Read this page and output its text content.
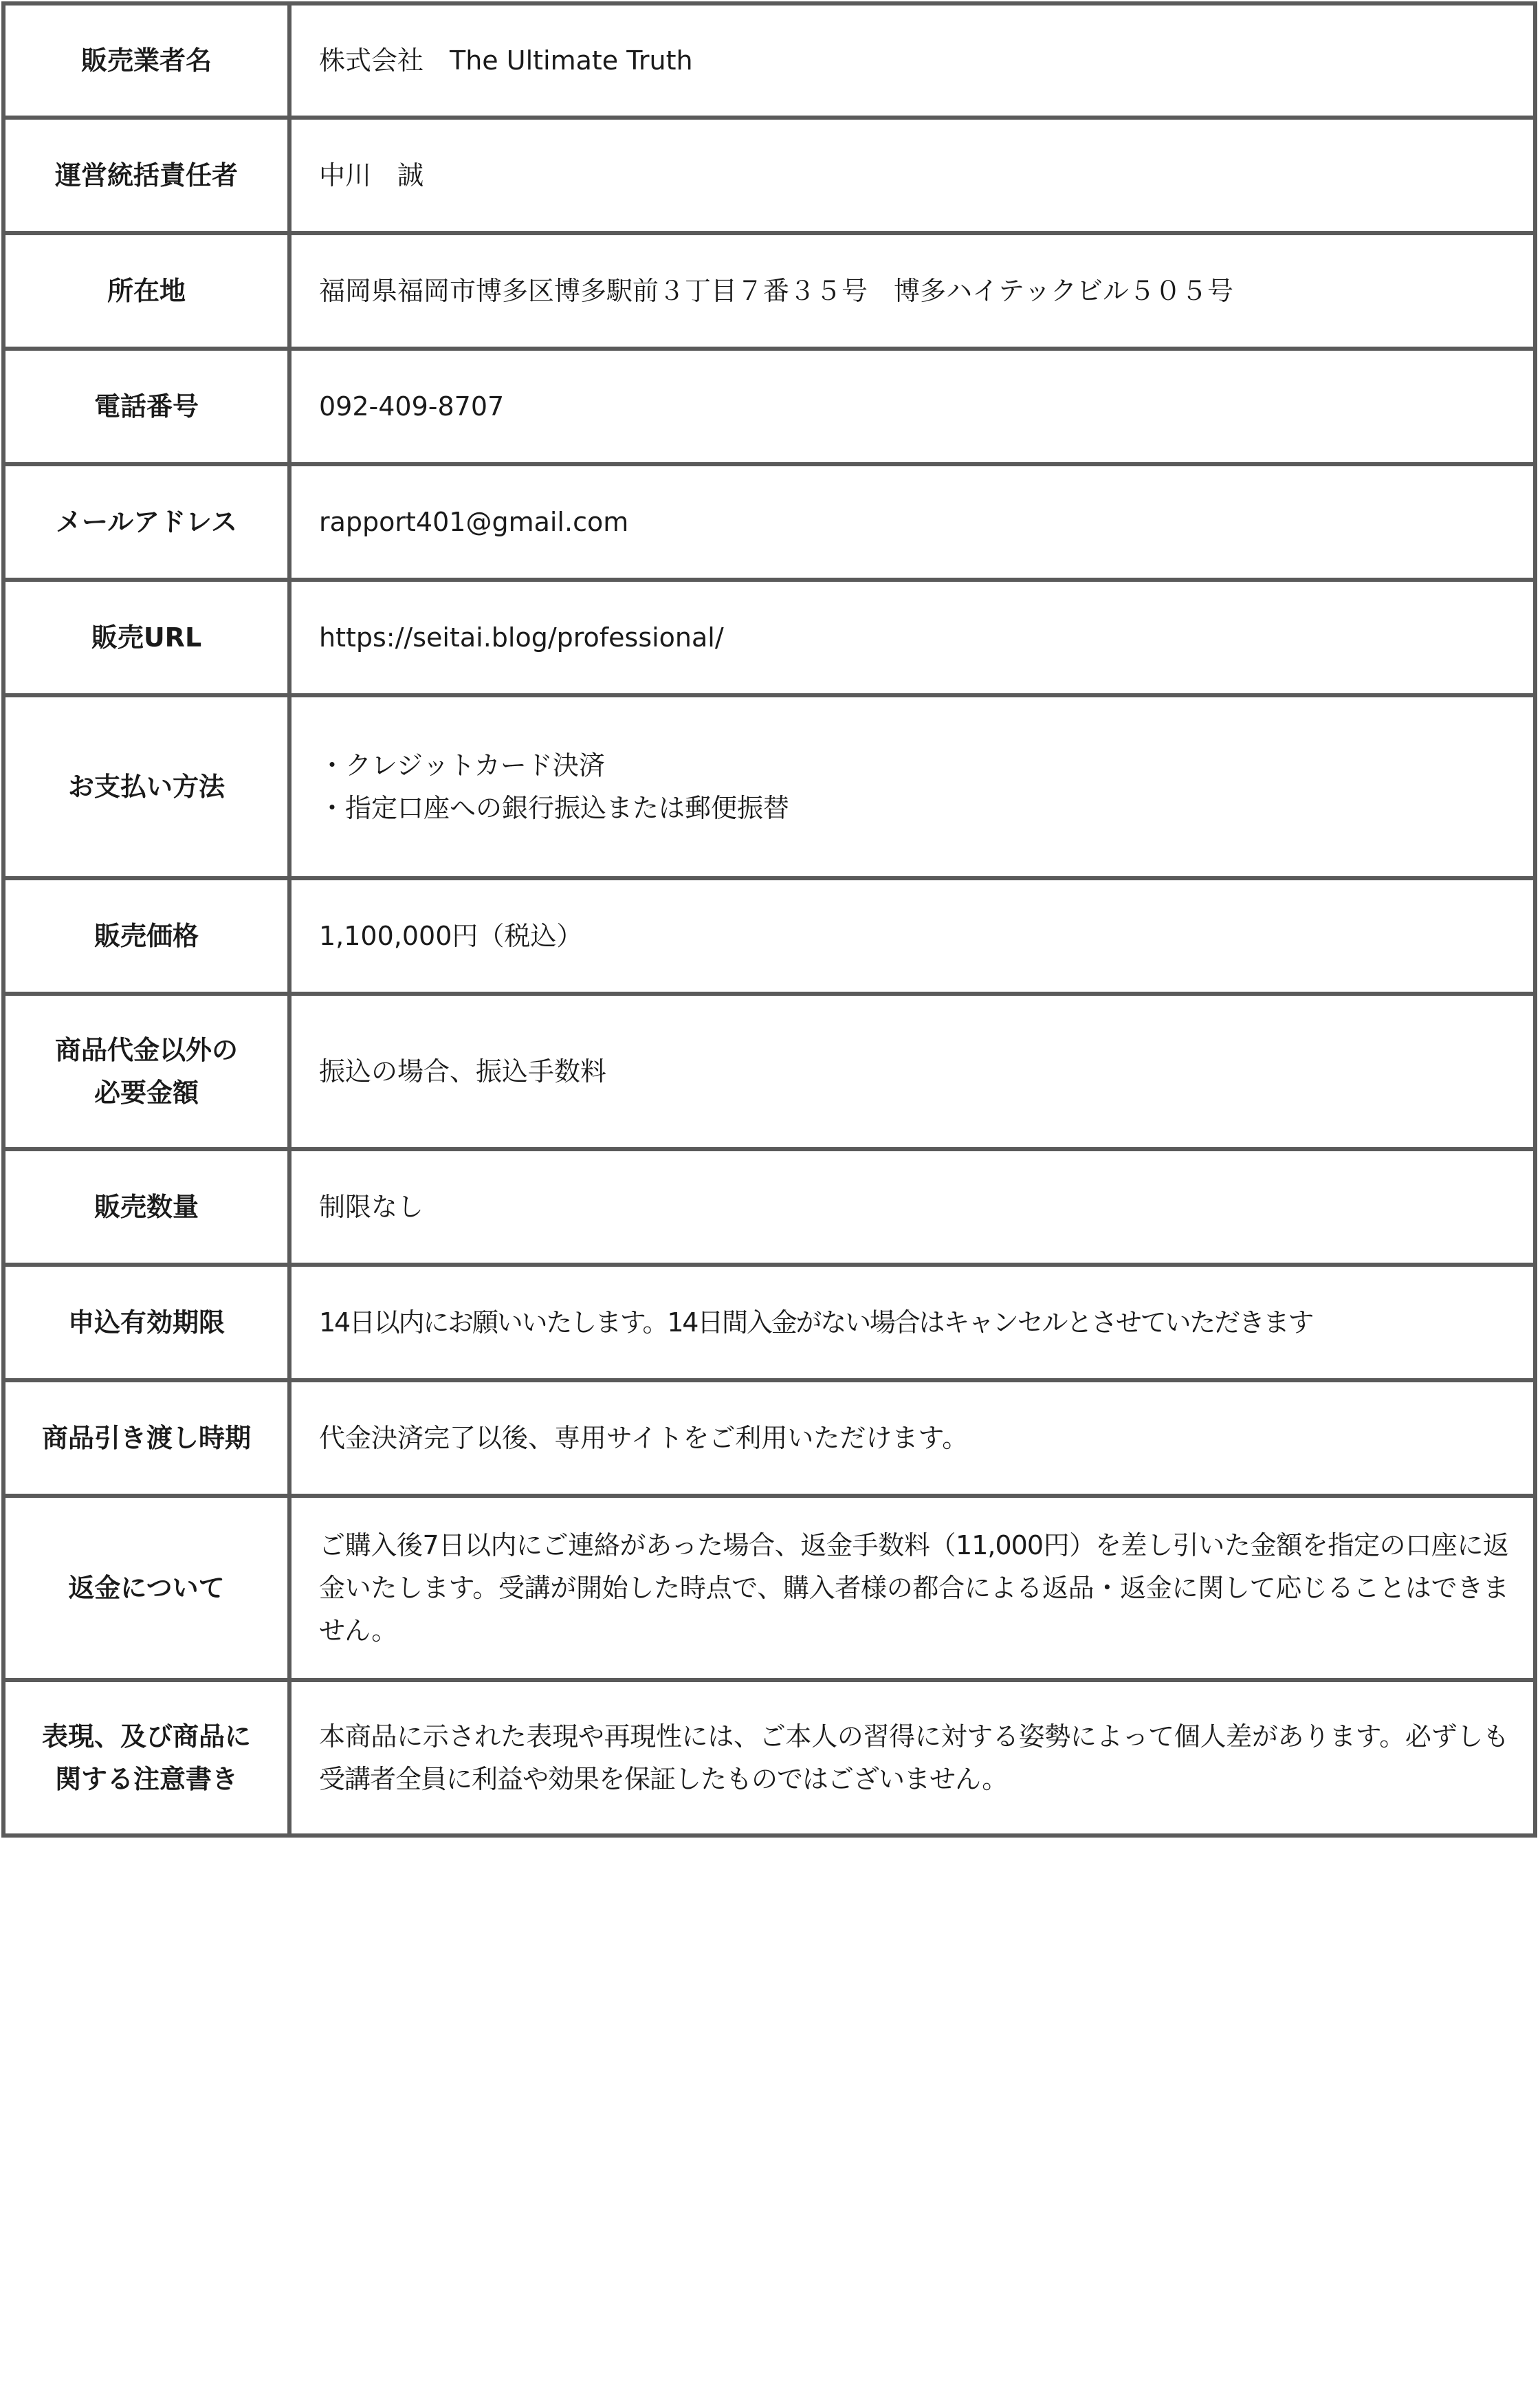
販売業者名	株式会社　The Ultimate Truth
運営統括責任者	中川　誠
所在地	福岡県福岡市博多区博多駅前３丁目７番３５号　博多ハイテックビル５０５号
電話番号	092-409-8707
メールアドレス	rapport401@gmail.com
販売URL	https://seitai.blog/professional/
お支払い方法	・クレジットカード決済
・指定口座への銀行振込または郵便振替
販売価格	1,100,000円（税込）
商品代金以外の
必要金額	振込の場合、振込手数料
販売数量	制限なし
申込有効期限	14日以内にお願いいたします。14日間入金がない場合はキャンセルとさせていただきます
商品引き渡し時期	代金決済完了以後、専用サイトをご利用いただけます。
返金について	ご購入後7日以内にご連絡があった場合、返金手数料（11,000円）を差し引いた金額を指定の口座に返金いたします。受講が開始した時点で、購入者様の都合による返品・返金に関して応じることはできません。
表現、及び商品に
関する注意書き	本商品に示された表現や再現性には、ご本人の習得に対する姿勢によって個人差があります。必ずしも受講者全員に利益や効果を保証したものではございません。
